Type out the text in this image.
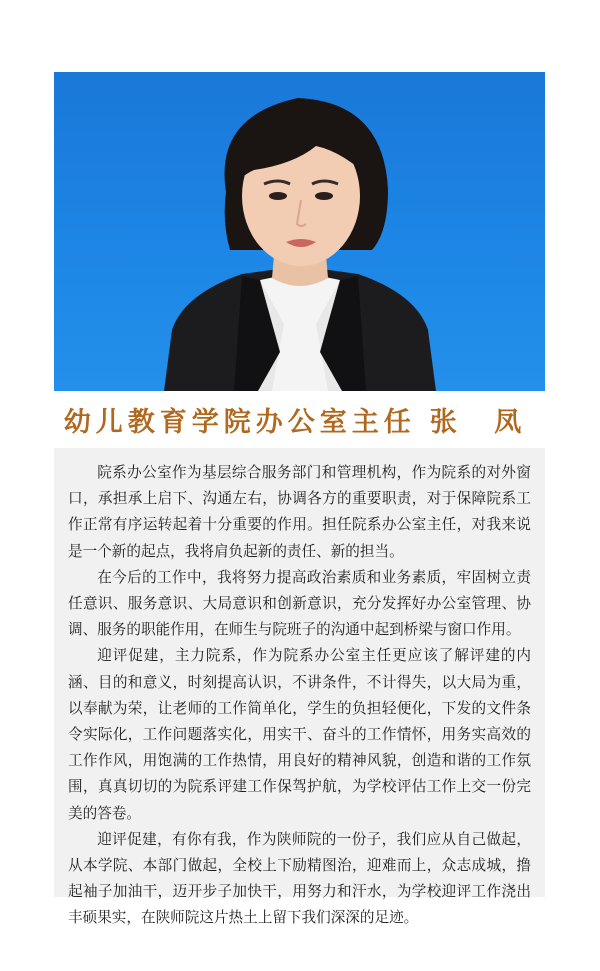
幼儿教育学院办公室主任 张 凤

院系办公室作为基层综合服务部门和管理机构，作为院系的对外窗口，承担承上启下、沟通左右，协调各方的重要职责，对于保障院系工作正常有序运转起着十分重要的作用。担任院系办公室主任，对我来说是一个新的起点，我将肩负起新的责任、新的担当。

在今后的工作中，我将努力提高政治素质和业务素质，牢固树立责任意识、服务意识、大局意识和创新意识，充分发挥好办公室管理、协调、服务的职能作用，在师生与院班子的沟通中起到桥梁与窗口作用。

迎评促建，主力院系，作为院系办公室主任更应该了解评建的内涵、目的和意义，时刻提高认识，不讲条件，不计得失，以大局为重，以奉献为荣，让老师的工作简单化，学生的负担轻便化，下发的文件条令实际化，工作问题落实化，用实干、奋斗的工作情怀，用务实高效的工作作风，用饱满的工作热情，用良好的精神风貌，创造和谐的工作氛围，真真切切的为院系评建工作保驾护航，为学校评估工作上交一份完美的答卷。

迎评促建，有你有我，作为陕师院的一份子，我们应从自己做起，从本学院、本部门做起，全校上下励精图治，迎难而上，众志成城，撸起袖子加油干，迈开步子加快干，用努力和汗水，为学校迎评工作浇出丰硕果实，在陕师院这片热土上留下我们深深的足迹。
